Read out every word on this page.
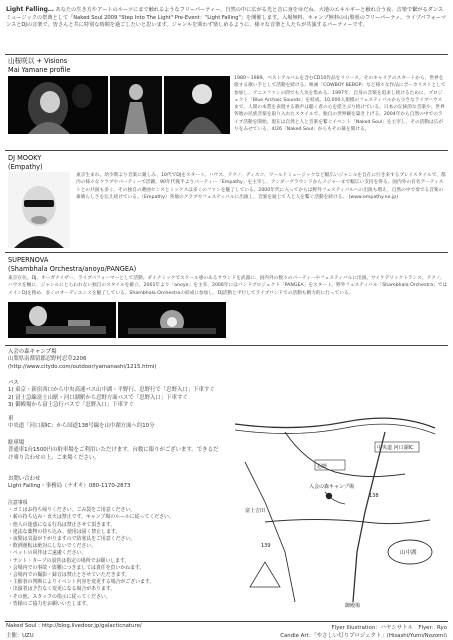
Light Falling… あなたの生き方やアートのルーツにまで触れるようなフリーパーティー、自然の中に広がる光と音に身をゆだね、大地のエネルギーと触れ合う夜、音楽で繋がるダンスミュージックの祭典として「Naked Soul 2009 "Step Into The Light" Pre-Event："Light Falling"」を開催します。入場無料、キャンプ無料の山梨県のフリーパーティ。ライブパフォーマンスとDJの音楽で、皆さんと共に特別な時間を過ごしたいと思います。ジャンルを問わず楽しめるように、様々な音楽と人たちが共演するパーティーです。
山桜咲以 + Visions
Mai Yamane profile
1980～1989。ベストアルバムを含むCD10作品をリリース。そのキャリアのスタートから、世界を旅する歌い手として活動を続ける。映画「COWBOY BEBOP」など様々な作品にボーカリストとして参加し、アニメファンの間でも人気を集める。1997年、自身の音楽を追求し続けるために、プロジェクト「Blue Archaic Sounds」を結成。10,000人規模のフェスティバルから小さなライブハウスまで、人間の本質を表現する歌声は聴く者の心を揺さぶり続けている。日本の伝統的な音楽や、世界各地の民族音楽を取り入れたスタイルで、独自の世界観を築き上げる。2004年から自然の中でのライブ活動を開始。現在は自然と人と音楽を繋ぐイベント「Naked Soul」を主宰し、その活動は広がりをみせている。4/26「Naked Soul」からもその幕を開ける。
DJ MOOKY
(Empathy)
東京生まれ。幼少期より音楽に親しみ、10代でDJをスタート。ハウス、テクノ、ディスコ、ワールドミュージックなど幅広いジャンルを自在に行き来するプレイスタイルで、都内の様々なクラブやパーティーで活躍。90年代後半よりパーティー「Empathy」を主宰し、アンダーグラウンドからメジャーまで幅広い支持を得る。国内外の有名アーティストとの共演も多く、その独自の選曲センスとミックスは多くのファンを魅了している。2000年代に入ってからは野外フェスティバルへの出演も増え、自然の中で奏でる音楽の素晴らしさを伝え続けている。（Empathy）各地のクラブやフェスティバルに出演し、音楽を通じて人と人を繋ぐ活動を続ける。 (www.empathy.ne.jp)
SUPERNOVA
(Shambhala Orchestra/anoyo/PANGEA)
東京在住。DJ、オーガナイザー、ライブパフォーマーとして活動。ダイナミックでスケール感のあるサウンドを武器に、国内外の数々のパーティーやフェスティバルに出演。サイケデリックトランス、テクノ、ハウスを軸に、ジャンルにとらわれない独自のスタイルを確立。2001年より「anoyo」を主宰、2006年にはバンドプロジェクト「PANGEA」をスタート。野外フェスティバル「Shambhala Orchestra」ではメインDJを務め、多くのオーディエンスを魅了している。Shambhala Orchestraの結成に参加し、DJ活動と平行してライブバンドでの活動も精力的に行っている。
入会の森キャンプ場
山梨県南都留郡忍野村忍草2206
(http://www.citydo.com/outdoor/yamanashi/1215.html)
バス
1) 東京・新宿西口から中央高速バス山中湖・平野行、忍野行で「忍野入口」下車すぐ
2) 富士急線富士山駅・河口湖駅から忍野方面バスで「忍野入口」下車すぐ
3) 御殿場から富士急行バスで「忍野入口」下車すぐ
車
中央道「河口湖IC」から国道138号線を山中湖方面へ約10分
駐車場
普通車1台1500円の駐車場をご利用いただけます。台数に限りがございます。できるだけ乗り合わせの上、ご来場ください。
お問い合わせ
Light Falling・事務局（ナオキ）080-1170-2873
注意事項
・ゴミはお持ち帰りください。ごみ袋をご用意ください。
・薪の持ち込み・直火は禁止です。キャンプ場のルールに従ってください。
・他人の迷惑になる行為は禁止させて頂きます。
・違法な薬物の持ち込み、使用は固く禁止します。
・夜間は気温が下がりますので防寒具をご用意ください。
・飲酒運転は絶対にしないでください。
・ペットの同伴はご遠慮ください。
・テント・タープの設営は指定の場所でお願いします。
・会場内での事故・盗難につきましては責任を負いかねます。
・会場内での撮影・録音は禁止とさせていただきます。
・主催者の判断によりイベント内容を変更する場合がございます。
・出演者は予告なく変更になる場合があります。
・その他、スタッフの指示に従ってください。
・皆様のご協力をお願いいたします。
中央道 河口湖IC
山中湖
忍野
入会の森キャンプ場
富士吉田
138
139
御殿場
Naked Soul : http://blog.livedoor.jp/galacticnature/
主催：UZU
Flyer Illustration：ハヤシサトル　Flyer：Ryo
Candle Art：「やさしい灯りプロジェクト」(Hisashi/Yumi/Nozomi)
